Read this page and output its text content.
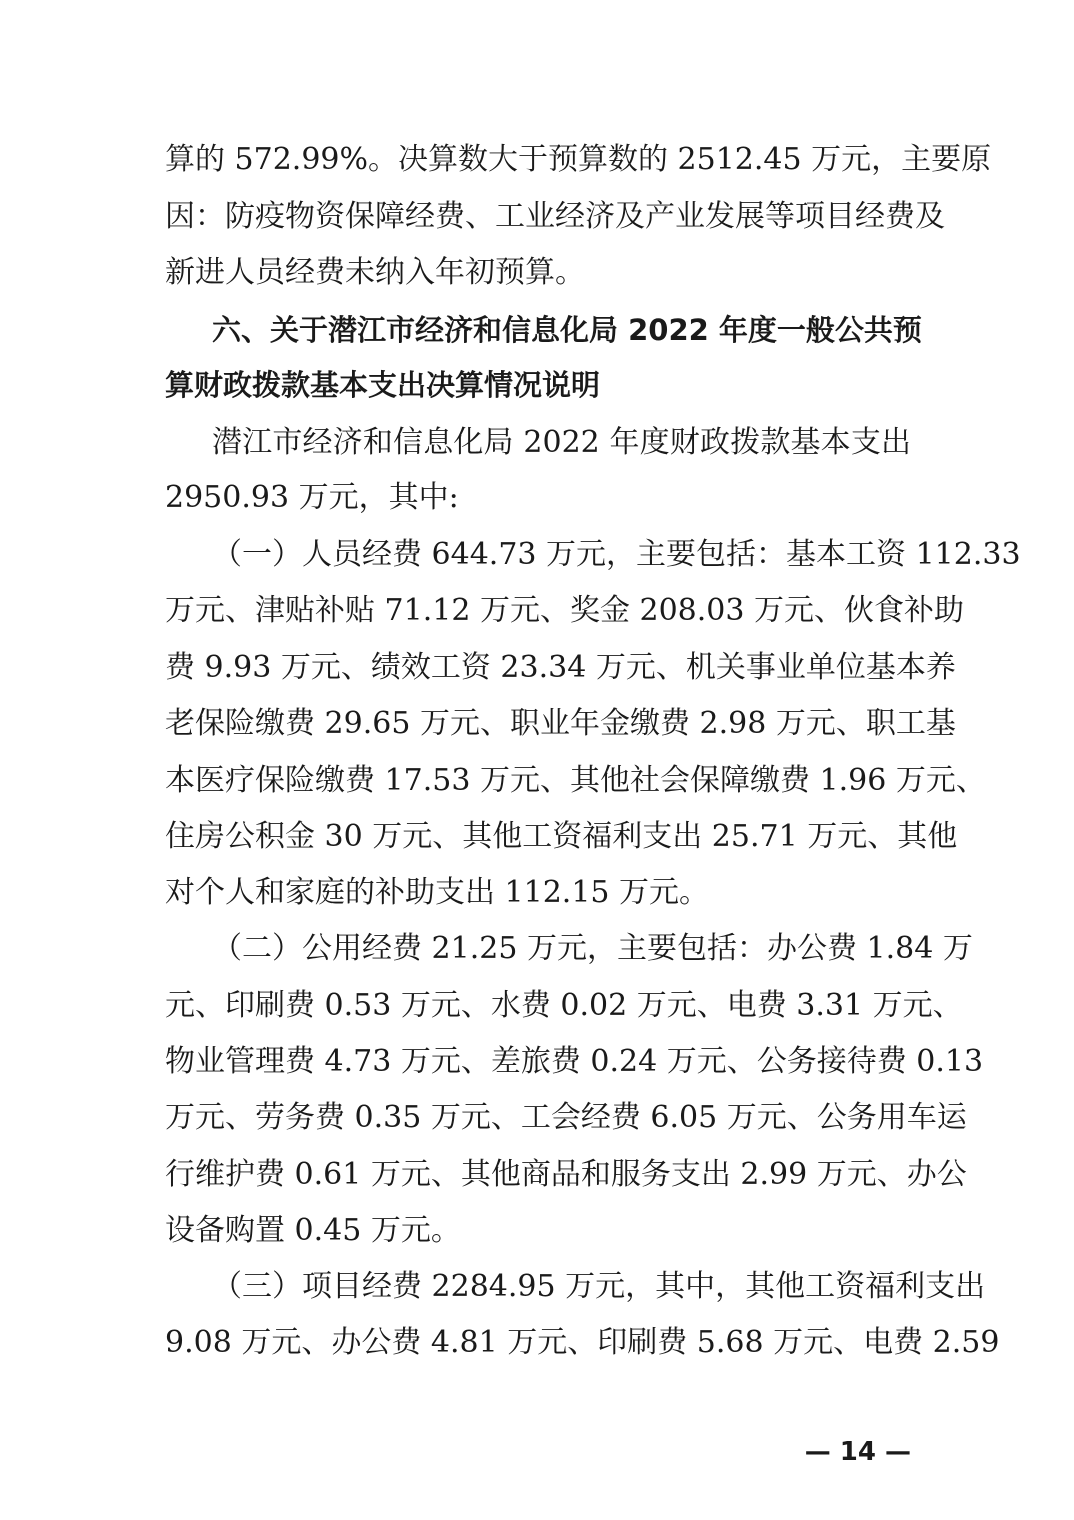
算的 572.99%。决算数大于预算数的 2512.45 万元，主要原
因：防疫物资保障经费、工业经济及产业发展等项目经费及
新进人员经费未纳入年初预算。
六、关于潜江市经济和信息化局 2022 年度一般公共预
算财政拨款基本支出决算情况说明
潜江市经济和信息化局 2022 年度财政拨款基本支出
2950.93 万元，其中:
（一）人员经费 644.73 万元，主要包括：基本工资 112.33
万元、津贴补贴 71.12 万元、奖金 208.03 万元、伙食补助
费 9.93 万元、绩效工资 23.34 万元、机关事业单位基本养
老保险缴费 29.65 万元、职业年金缴费 2.98 万元、职工基
本医疗保险缴费 17.53 万元、其他社会保障缴费 1.96 万元、
住房公积金 30 万元、其他工资福利支出 25.71 万元、其他
对个人和家庭的补助支出 112.15 万元。
（二）公用经费 21.25 万元，主要包括：办公费 1.84 万
元、印刷费 0.53 万元、水费 0.02 万元、电费 3.31 万元、
物业管理费 4.73 万元、差旅费 0.24 万元、公务接待费 0.13
万元、劳务费 0.35 万元、工会经费 6.05 万元、公务用车运
行维护费 0.61 万元、其他商品和服务支出 2.99 万元、办公
设备购置 0.45 万元。
（三）项目经费 2284.95 万元，其中，其他工资福利支出
9.08 万元、办公费 4.81 万元、印刷费 5.68 万元、电费 2.59
— 14 —
